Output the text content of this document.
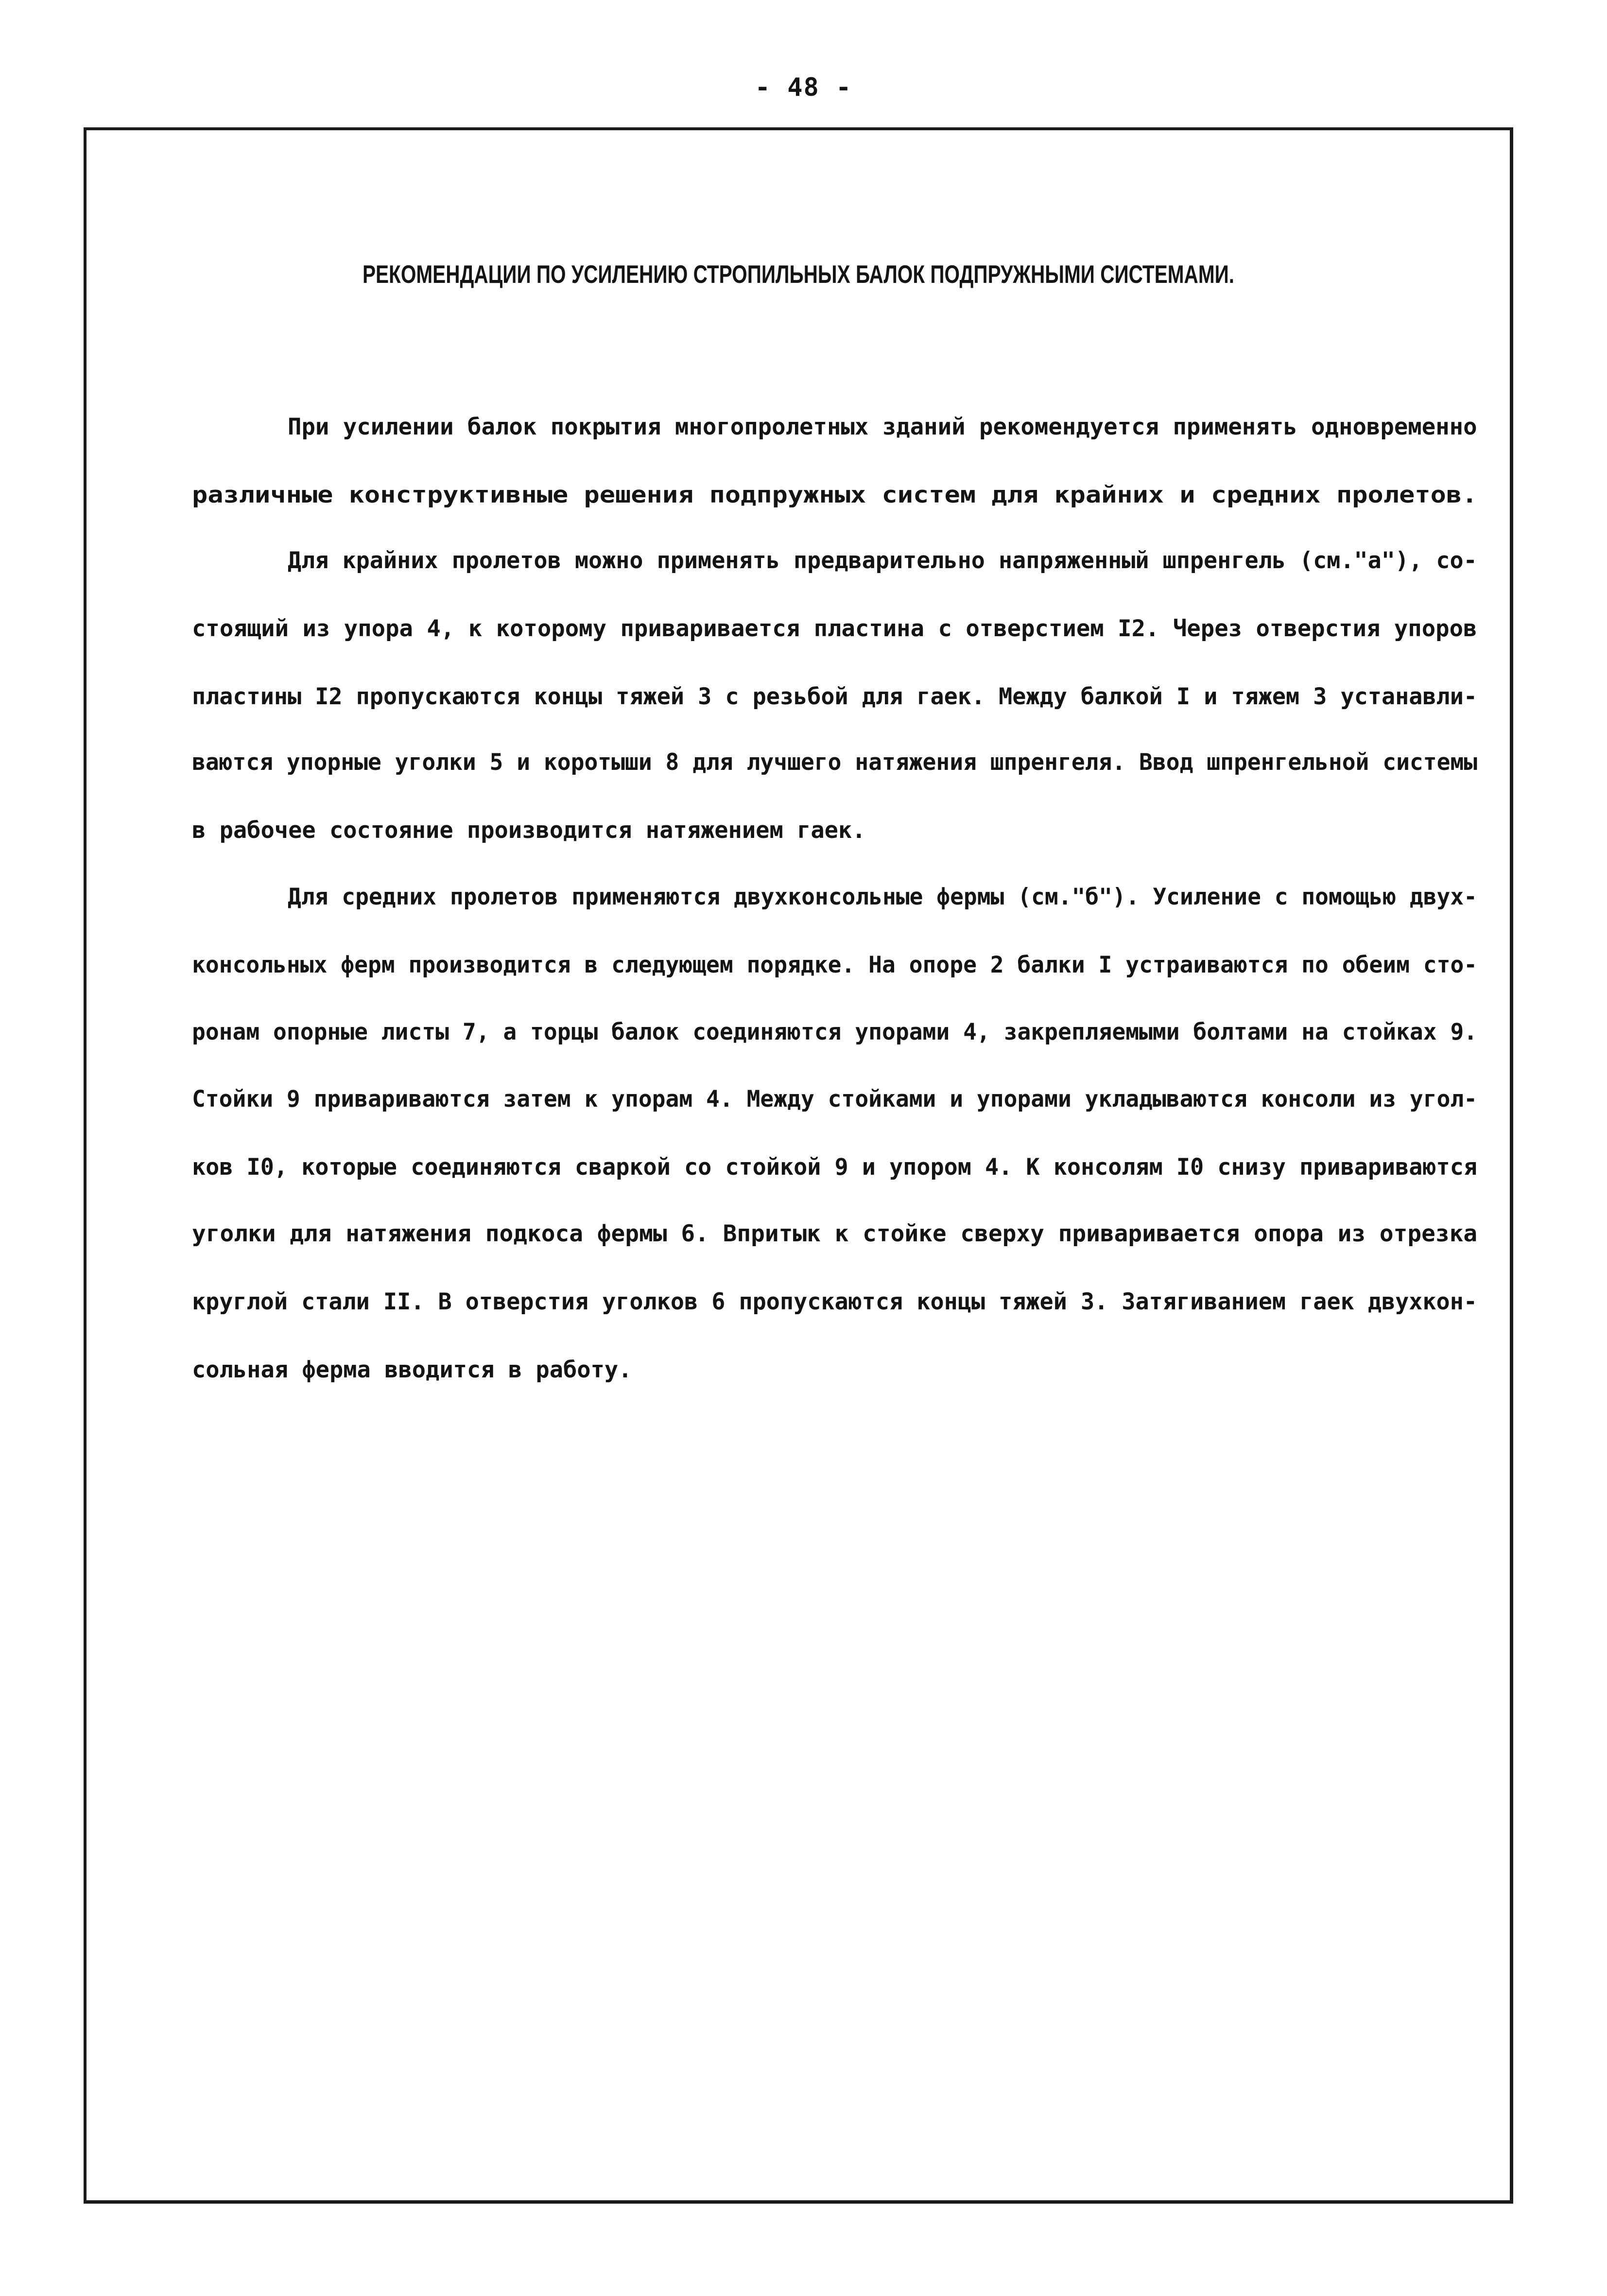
- 48 -
РЕКОМЕНДАЦИИ ПО УСИЛЕНИЮ СТРОПИЛЬНЫХ БАЛОК ПОДПРУЖНЫМИ СИСТЕМАМИ.
При усилении балок покрытия многопролетных зданий рекомендуется применять одновременно
различные конструктивные решения подпружных систем для крайних и средних пролетов.
Для крайних пролетов можно применять предварительно напряженный шпренгель (см."а"), со-
стоящий из упора 4, к которому приваривается пластина с отверстием I2. Через отверстия упоров
пластины I2 пропускаются концы тяжей 3 с резьбой для гаек. Между балкой I и тяжем 3 устанавли-
ваются упорные уголки 5 и коротыши 8 для лучшего натяжения шпренгеля. Ввод шпренгельной системы
в рабочее состояние производится натяжением гаек.
Для средних пролетов применяются двухконсольные фермы (см."б"). Усиление с помощью двух-
консольных ферм производится в следующем порядке. На опоре 2 балки I устраиваются по обеим сто-
ронам опорные листы 7, а торцы балок соединяются упорами 4, закрепляемыми болтами на стойках 9.
Стойки 9 привариваются затем к упорам 4. Между стойками и упорами укладываются консоли из угол-
ков I0, которые соединяются сваркой со стойкой 9 и упором 4. К консолям I0 снизу привариваются
уголки для натяжения подкоса фермы 6. Впритык к стойке сверху приваривается опора из отрезка
круглой стали II. В отверстия уголков 6 пропускаются концы тяжей 3. Затягиванием гаек двухкон-
сольная ферма вводится в работу.
